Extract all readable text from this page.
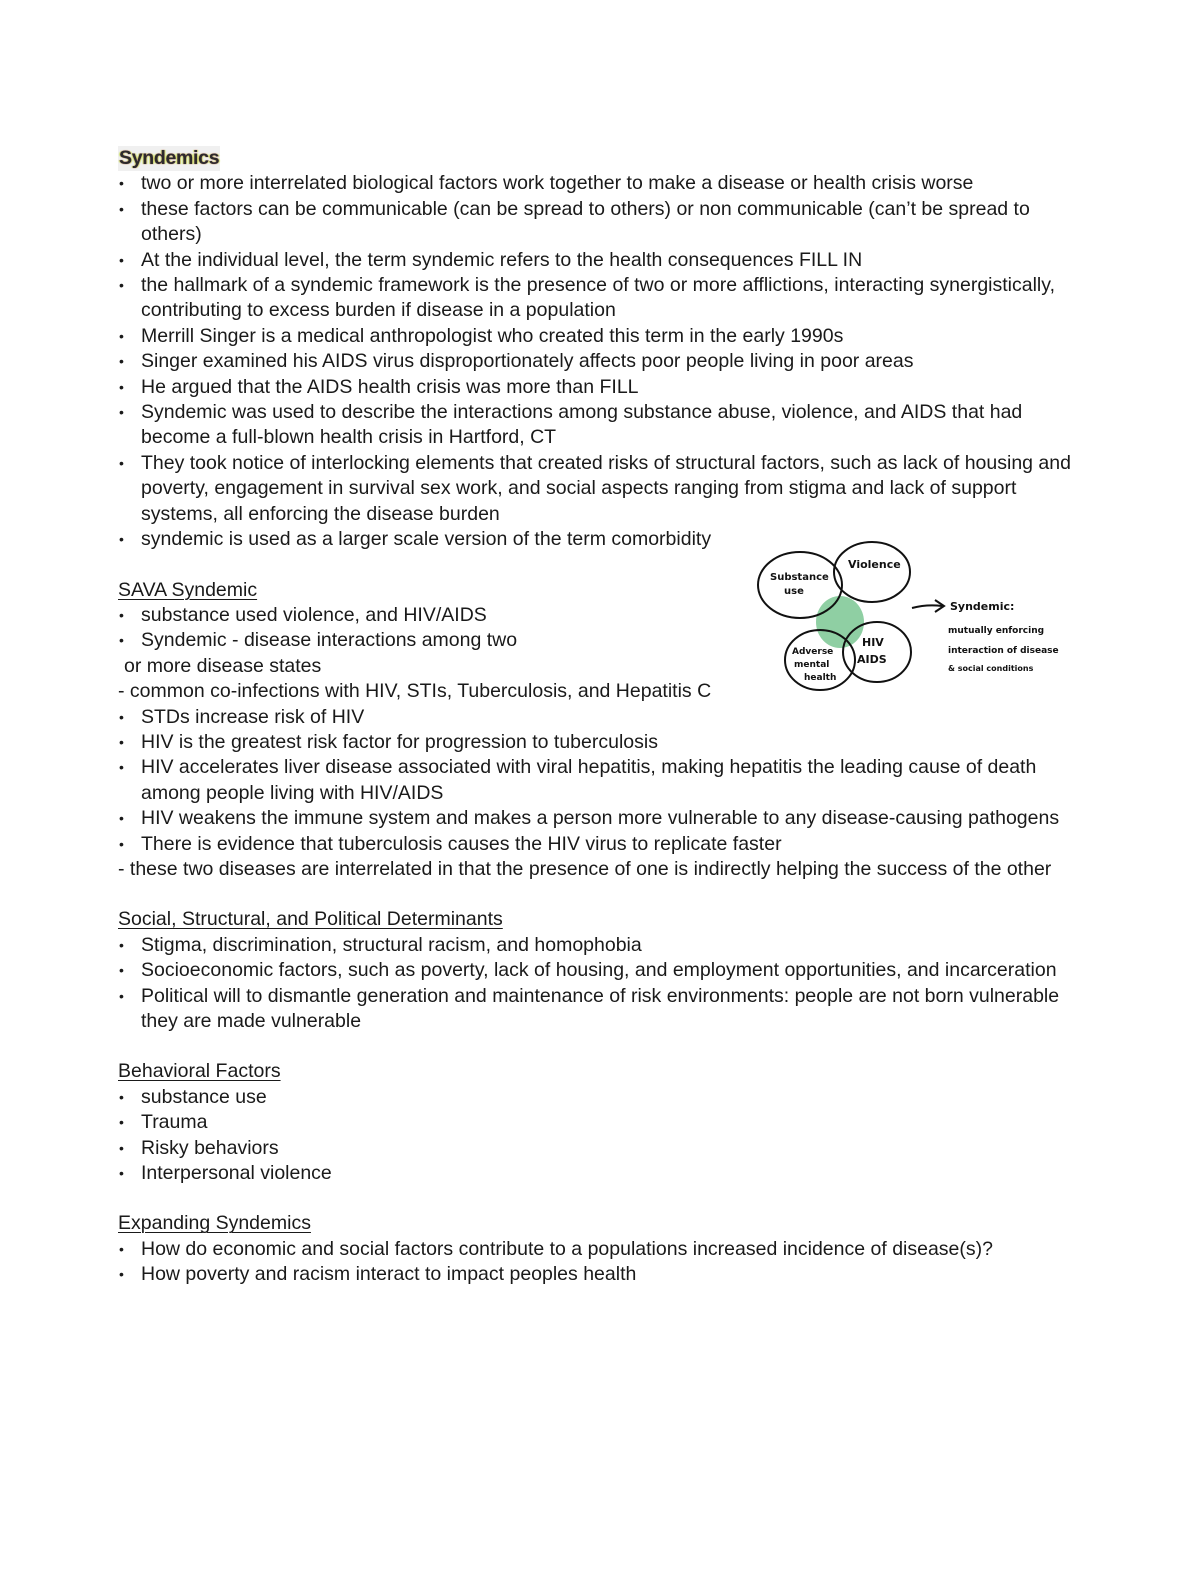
Syndemics

• two or more interrelated biological factors work together to make a disease or health crisis worse
• these factors can be communicable (can be spread to others) or non communicable (can’t be spread to others)
• At the individual level, the term syndemic refers to the health consequences FILL IN
• the hallmark of a syndemic framework is the presence of two or more afflictions, interacting synergistically, contributing to excess burden if disease in a population
• Merrill Singer is a medical anthropologist who created this term in the early 1990s
• Singer examined his AIDS virus disproportionately affects poor people living in poor areas
• He argued that the AIDS health crisis was more than FILL
• Syndemic was used to describe the interactions among substance abuse, violence, and AIDS that had become a full-blown health crisis in Hartford, CT
• They took notice of interlocking elements that created risks of structural factors, such as lack of housing and poverty, engagement in survival sex work, and social aspects ranging from stigma and lack of support systems, all enforcing the disease burden
• syndemic is used as a larger scale version of the term comorbidity

SAVA Syndemic

• substance used violence, and HIV/AIDS
• Syndemic - disease interactions among two

or more disease states

- common co-infections with HIV, STIs, Tuberculosis, and Hepatitis C

• STDs increase risk of HIV
• HIV is the greatest risk factor for progression to tuberculosis
• HIV accelerates liver disease associated with viral hepatitis, making hepatitis the leading cause of death among people living with HIV/AIDS
• HIV weakens the immune system and makes a person more vulnerable to any disease-causing pathogens
• There is evidence that tuberculosis causes the HIV virus to replicate faster

- these two diseases are interrelated in that the presence of one is indirectly helping the success of the other

Social, Structural, and Political Determinants

• Stigma, discrimination, structural racism, and homophobia
• Socioeconomic factors, such as poverty, lack of housing, and employment opportunities, and incarceration
• Political will to dismantle generation and maintenance of risk environments: people are not born vulnerable they are made vulnerable

Behavioral Factors

• substance use
• Trauma
• Risky behaviors
• Interpersonal violence

Expanding Syndemics

• How do economic and social factors contribute to a populations increased incidence of disease(s)?
• How poverty and racism interact to impact peoples health
Substance
use
Violence
HIV
AIDS
Adverse
mental
health
Syndemic:
mutually enforcing
interaction of disease
& social conditions
